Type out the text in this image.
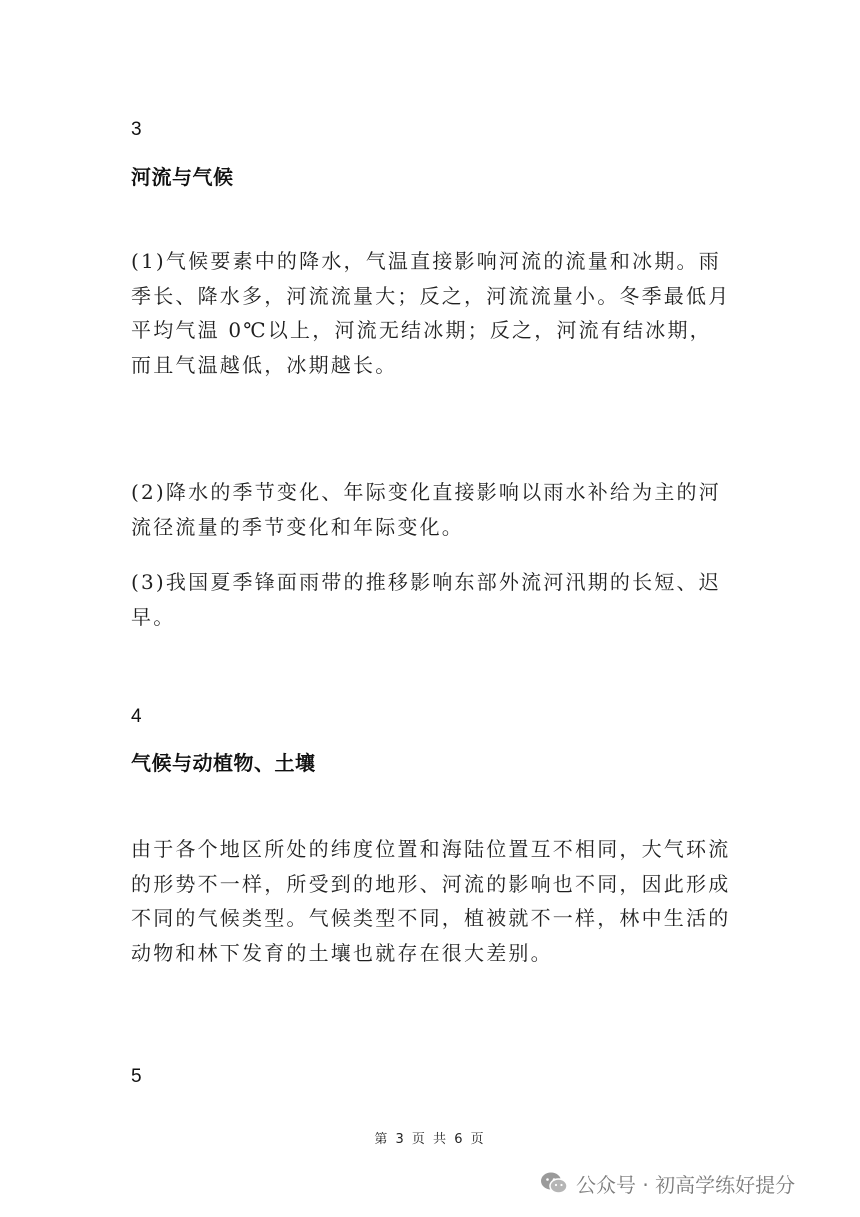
3
河流与气候

(1)气候要素中的降水，气温直接影响河流的流量和冰期。雨季长、降水多，河流流量大；反之，河流流量小。冬季最低月平均气温 0℃以上，河流无结冰期；反之，河流有结冰期，而且气温越低，冰期越长。

(2)降水的季节变化、年际变化直接影响以雨水补给为主的河流径流量的季节变化和年际变化。

(3)我国夏季锋面雨带的推移影响东部外流河汛期的长短、迟早。

4
气候与动植物、土壤

由于各个地区所处的纬度位置和海陆位置互不相同，大气环流的形势不一样，所受到的地形、河流的影响也不同，因此形成不同的气候类型。气候类型不同，植被就不一样，林中生活的动物和林下发育的土壤也就存在很大差别。

5
第 3 页 共 6 页
公众号 · 初高学练好提分
